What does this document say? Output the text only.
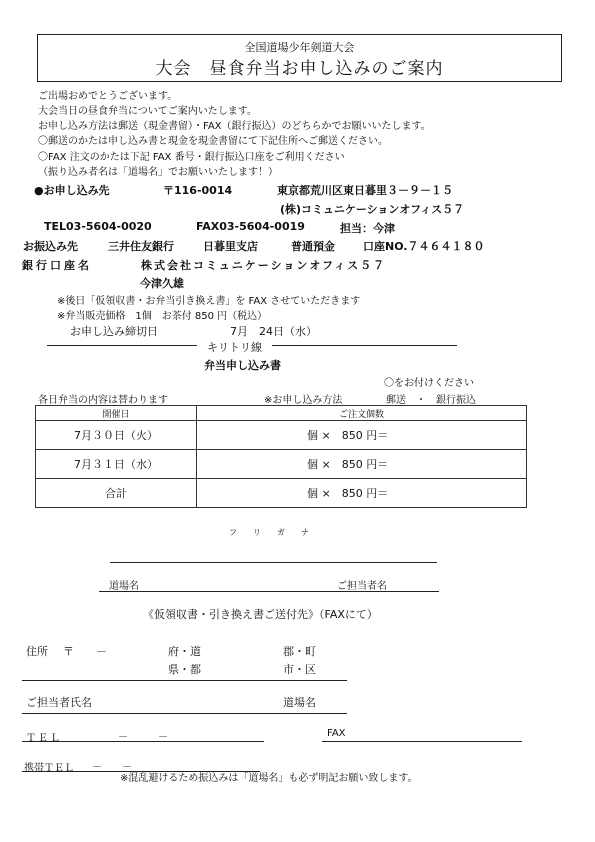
全国道場少年剣道大会
大会　昼食弁当お申し込みのご案内
ご出場おめでとうございます。
大会当日の昼食弁当についてご案内いたします。
お申し込み方法は郵送（現金書留）・FAX（銀行振込）のどちらかでお願いいたします。
〇郵送のかたは申し込み書と現金を現金書留にて下記住所へご郵送ください。
〇FAX 注文のかたは下記 FAX 番号・銀行振込口座をご利用ください
（振り込み者名は「道場名」でお願いいたします！）
●お申し込み先	〒116-0014	東京都荒川区東日暮里３－９－１５
(株)コミュニケーションオフィス５７
TEL03-5604-0020	FAX03-5604-0019	担当：今津
お振込み先	三井住友銀行	日暮里支店	普通預金	口座NO.７４６４１８０
銀行口座名	株式会社コミュニケーションオフィス５７
今津久雄
※後日「仮領収書・お弁当引き換え書」を FAX させていただきます
※弁当販売価格　1個　お茶付 850 円（税込）
お申し込み締切日	7月　24日（水）
キリトリ線
弁当申し込み書
〇をお付けください
各日弁当の内容は替わります	※お申し込み方法	郵送　・　銀行振込
開催日	ご注文個数
7月３０日（火）	個 ×　850 円＝
7月３１日（水）	個 ×　850 円＝
合計	個 ×　850 円＝
フ　　リ　　ガ　　ナ
道場名	ご担当者名
《仮領収書・引き換え書ご送付先》（FAXにて）
住所 〒　　－	府・道
県・都
郡・町
市・区
ご担当者氏名	道場名
ＴＥＬ	－　　　－	FAX
携帯ＴＥＬ －　　－
※混乱避けるため振込みは「道場名」も必ず明記お願い致します。
